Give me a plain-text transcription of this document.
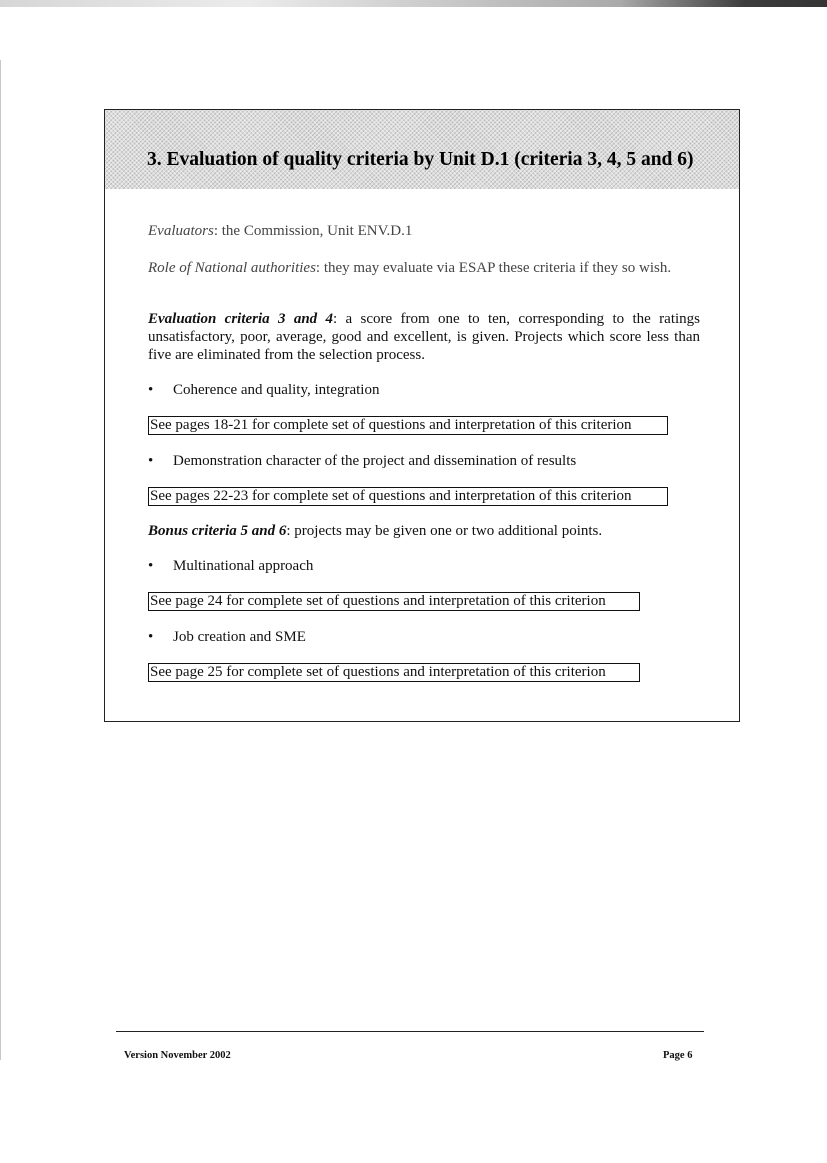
3. Evaluation of quality criteria by Unit D.1 (criteria 3, 4, 5 and 6)

Evaluators: the Commission, Unit ENV.D.1

Role of National authorities: they may evaluate via ESAP these criteria if they so wish.

Evaluation criteria 3 and 4: a score from one to ten, corresponding to the ratings unsatisfactory, poor, average, good and excellent, is given. Projects which score less than five are eliminated from the selection process.

• Coherence and quality, integration
See pages 18-21 for complete set of questions and interpretation of this criterion
• Demonstration character of the project and dissemination of results
See pages 22-23 for complete set of questions and interpretation of this criterion

Bonus criteria 5 and 6: projects may be given one or two additional points.

• Multinational approach
See page 24 for complete set of questions and interpretation of this criterion
• Job creation and SME
See page 25 for complete set of questions and interpretation of this criterion
Version November 2002	Page 6
